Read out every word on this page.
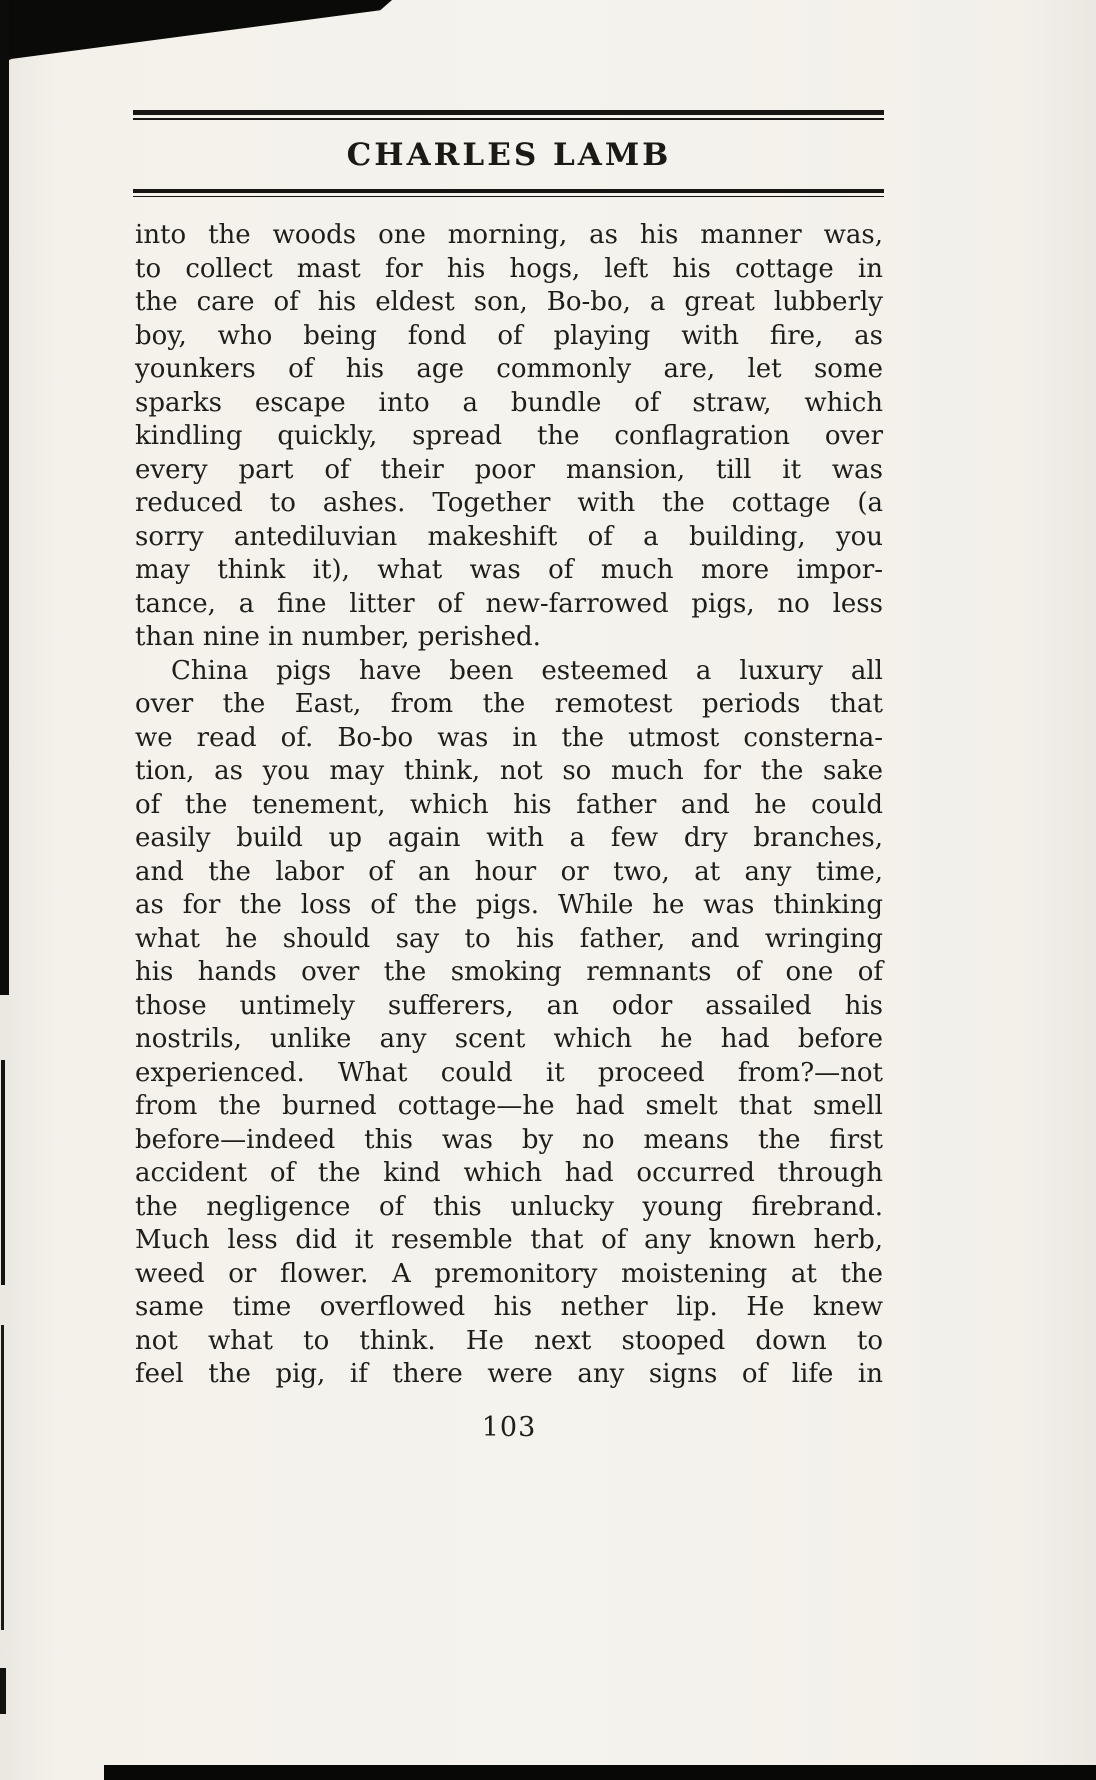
CHARLES LAMB
into the woods one morning, as his manner was,
to collect mast for his hogs, left his cottage in
the care of his eldest son, Bo-bo, a great lubberly
boy, who being fond of playing with fire, as
younkers of his age commonly are, let some
sparks escape into a bundle of straw, which
kindling quickly, spread the conflagration over
every part of their poor mansion, till it was
reduced to ashes. Together with the cottage (a
sorry antediluvian makeshift of a building, you
may think it), what was of much more impor-
tance, a fine litter of new-farrowed pigs, no less
than nine in number, perished.
China pigs have been esteemed a luxury all
over the East, from the remotest periods that
we read of. Bo-bo was in the utmost consterna-
tion, as you may think, not so much for the sake
of the tenement, which his father and he could
easily build up again with a few dry branches,
and the labor of an hour or two, at any time,
as for the loss of the pigs. While he was thinking
what he should say to his father, and wringing
his hands over the smoking remnants of one of
those untimely sufferers, an odor assailed his
nostrils, unlike any scent which he had before
experienced. What could it proceed from?—not
from the burned cottage—he had smelt that smell
before—indeed this was by no means the first
accident of the kind which had occurred through
the negligence of this unlucky young firebrand.
Much less did it resemble that of any known herb,
weed or flower. A premonitory moistening at the
same time overflowed his nether lip. He knew
not what to think. He next stooped down to
feel the pig, if there were any signs of life in
103
